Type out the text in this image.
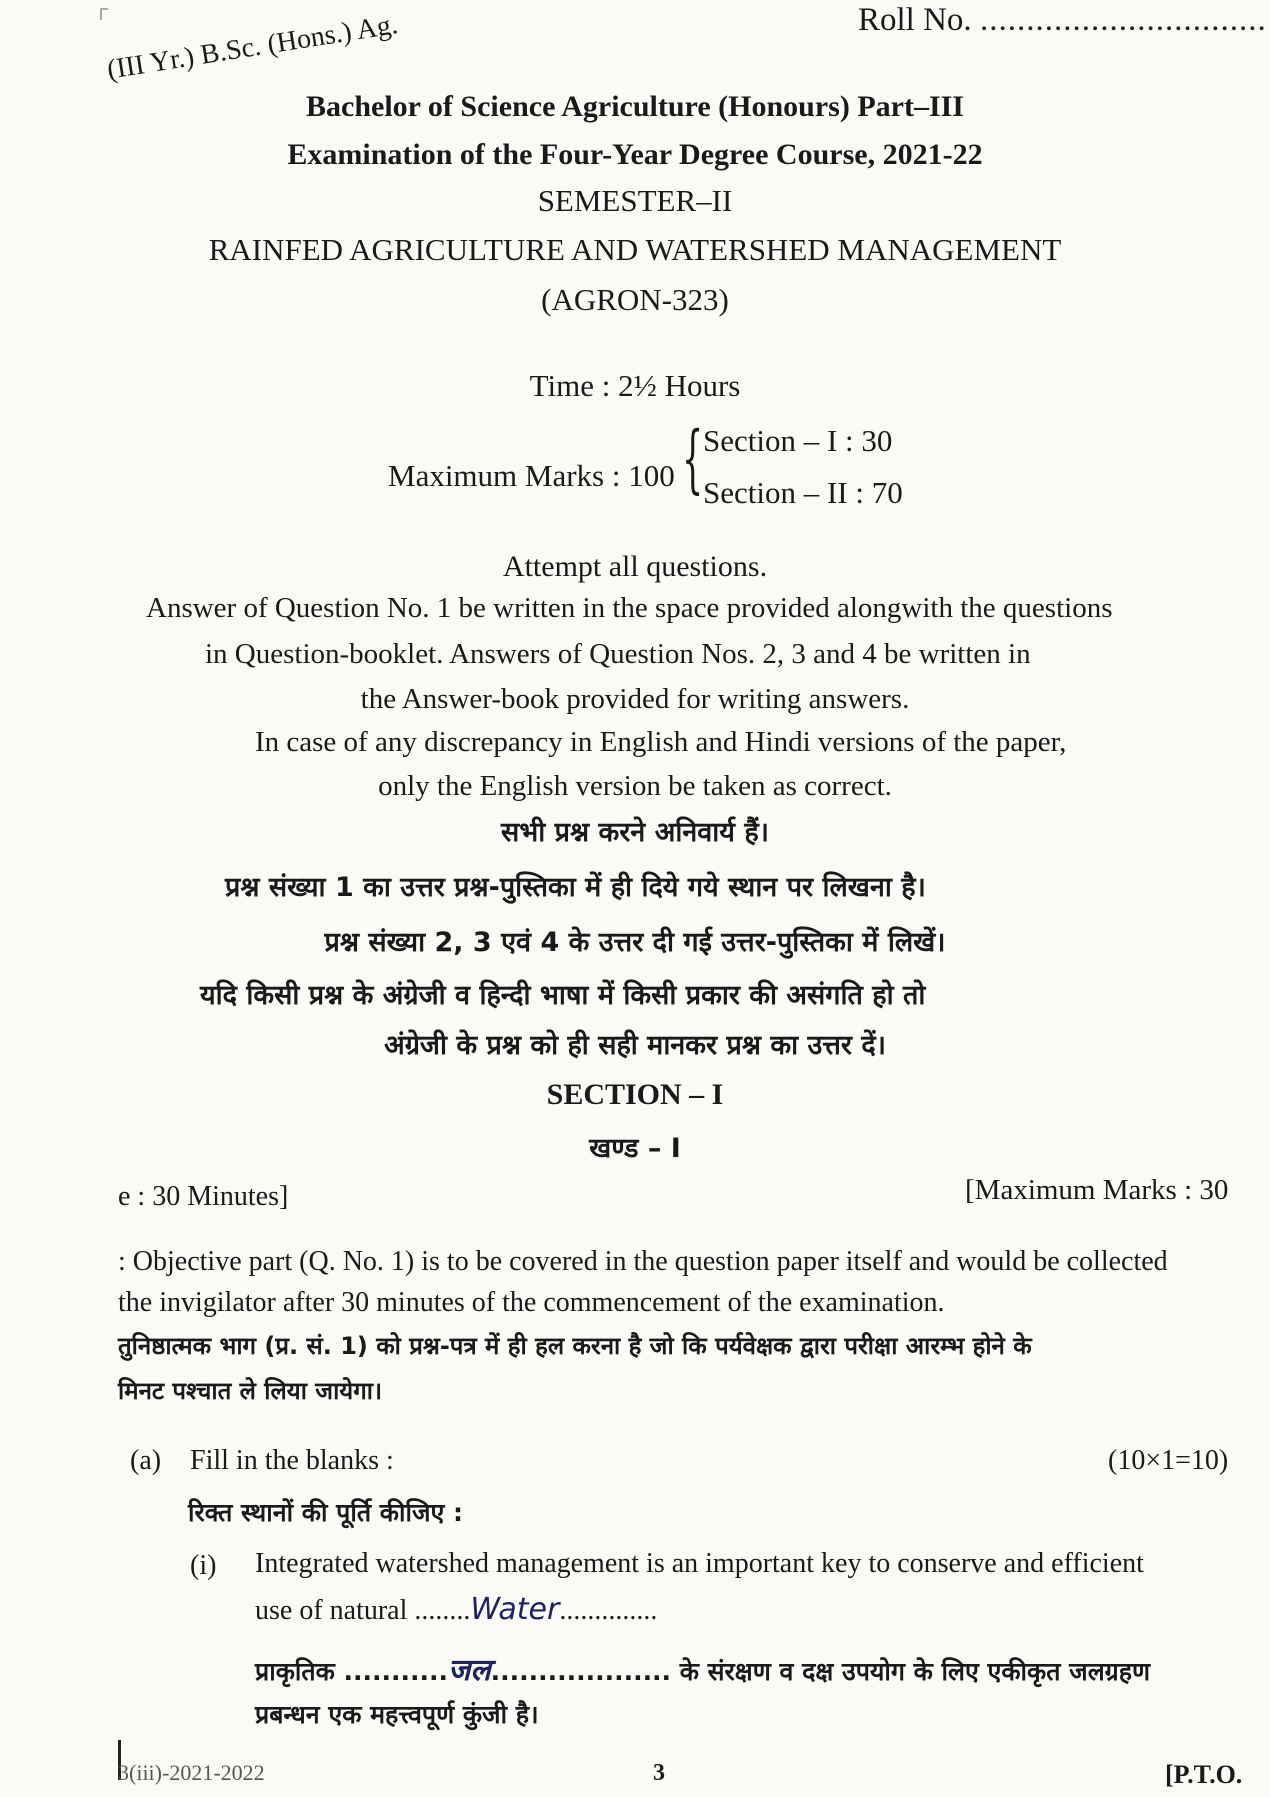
Roll No. ...............................
(III Yr.) B.Sc. (Hons.) Ag.
Bachelor of Science Agriculture (Honours) Part–III
Examination of the Four-Year Degree Course, 2021-22
SEMESTER–II
RAINFED AGRICULTURE AND WATERSHED MANAGEMENT
(AGRON-323)
Time : 2½ Hours
Maximum Marks : 100 { Section – I : 30
Section – II : 70
Attempt all questions.
Answer of Question No. 1 be written in the space provided alongwith the questions
in Question-booklet. Answers of Question Nos. 2, 3 and 4 be written in
the Answer-book provided for writing answers.
In case of any discrepancy in English and Hindi versions of the paper,
only the English version be taken as correct.
सभी प्रश्न करने अनिवार्य हैं।
प्रश्न संख्या 1 का उत्तर प्रश्न-पुस्तिका में ही दिये गये स्थान पर लिखना है।
प्रश्न संख्या 2, 3 एवं 4 के उत्तर दी गई उत्तर-पुस्तिका में लिखें।
यदि किसी प्रश्न के अंग्रेजी व हिन्दी भाषा में किसी प्रकार की असंगति हो तो
अंग्रेजी के प्रश्न को ही सही मानकर प्रश्न का उत्तर दें।
SECTION – I
खण्ड – I
e : 30 Minutes]	[Maximum Marks : 30
: Objective part (Q. No. 1) is to be covered in the question paper itself and would be collected
the invigilator after 30 minutes of the commencement of the examination.
तुनिष्ठात्मक भाग (प्र. सं. 1) को प्रश्न-पत्र में ही हल करना है जो कि पर्यवेक्षक द्वारा परीक्षा आरम्भ होने के
मिनट पश्चात ले लिया जायेगा।
(a) Fill in the blanks :	(10×1=10)
रिक्त स्थानों की पूर्ति कीजिए :
(i) Integrated watershed management is an important key to conserve and efficient
use of natural ........Water..............
प्राकृतिक ...........जल................... के संरक्षण व दक्ष उपयोग के लिए एकीकृत जलग्रहण
प्रबन्धन एक महत्त्वपूर्ण कुंजी है।
3(iii)-2021-2022	3	[P.T.O.
